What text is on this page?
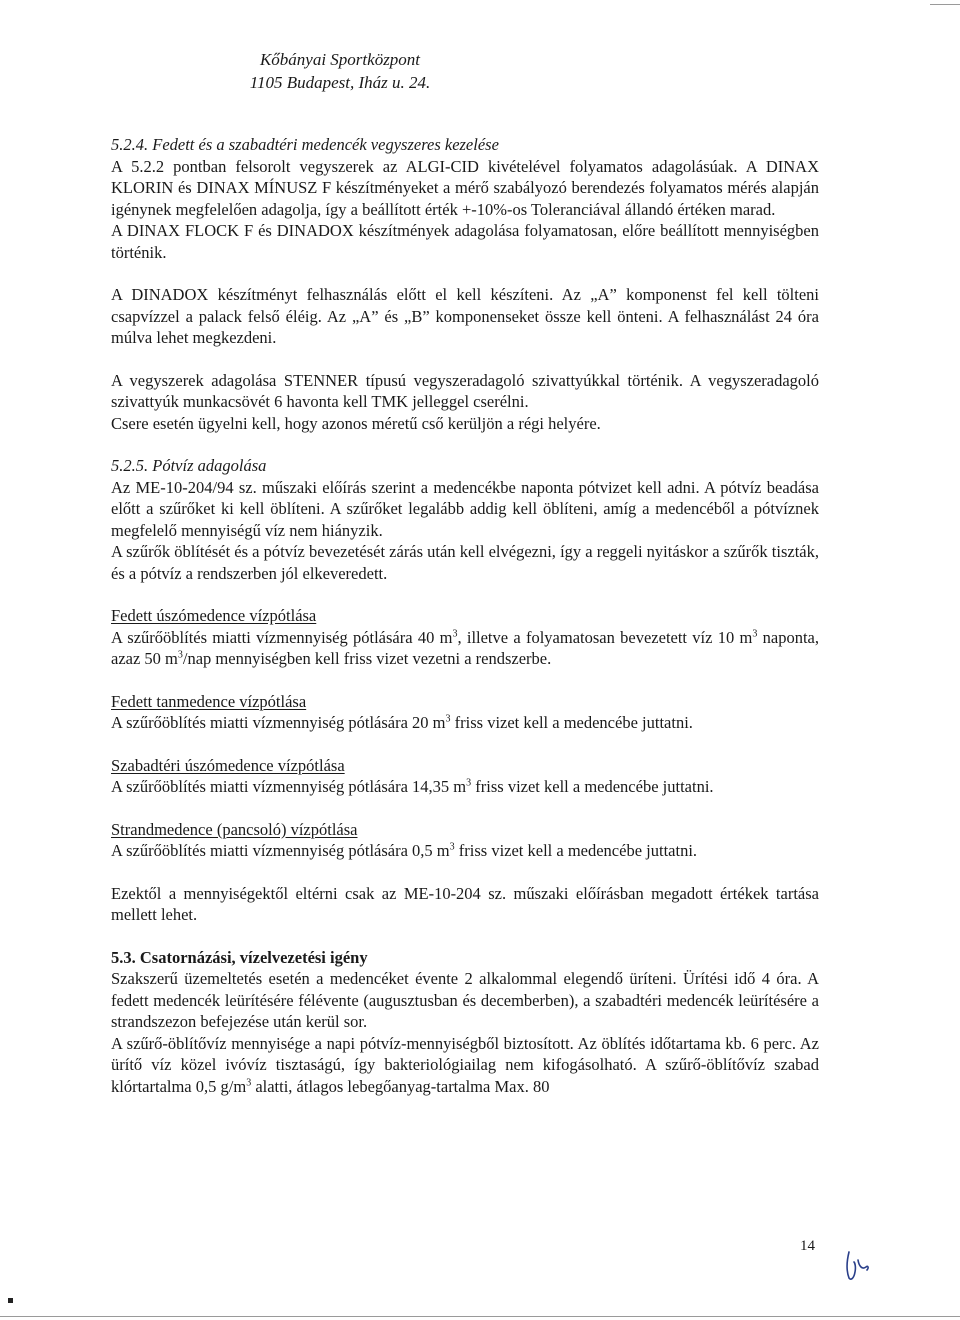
Kőbányai Sportközpont
1105 Budapest, Iház u. 24.

5.2.4. Fedett és a szabadtéri medencék vegyszeres kezelése

A 5.2.2 pontban felsorolt vegyszerek az ALGI-CID kivételével folyamatos adagolásúak. A DINAX KLORIN és DINAX MÍNUSZ F készítményeket a mérő szabályozó berendezés folyamatos mérés alapján igénynek megfelelően adagolja, így a beállított érték +-10%-os Toleranciával állandó értéken marad.

A DINAX FLOCK F és DINADOX készítmények adagolása folyamatosan, előre beállított mennyiségben történik.

A DINADOX készítményt felhasználás előtt el kell készíteni. Az „A” komponenst fel kell tölteni csapvízzel a palack felső éléig. Az „A” és „B” komponenseket össze kell önteni. A felhasználást 24 óra múlva lehet megkezdeni.

A vegyszerek adagolása STENNER típusú vegyszeradagoló szivattyúkkal történik. A vegyszeradagoló szivattyúk munkacsövét 6 havonta kell TMK jelleggel cserélni.

Csere esetén ügyelni kell, hogy azonos méretű cső kerüljön a régi helyére.

5.2.5. Pótvíz adagolása

Az ME-10-204/94 sz. műszaki előírás szerint a medencékbe naponta pótvizet kell adni. A pótvíz beadása előtt a szűrőket ki kell öblíteni. A szűrőket legalább addig kell öblíteni, amíg a medencéből a pótvíznek megfelelő mennyiségű víz nem hiányzik.

A szűrők öblítését és a pótvíz bevezetését zárás után kell elvégezni, így a reggeli nyitáskor a szűrők tiszták, és a pótvíz a rendszerben jól elkeveredett.

Fedett úszómedence vízpótlása

A szűrőöblítés miatti vízmennyiség pótlására 40 $m^3$, illetve a folyamatosan bevezetett víz 10 $m^3$ naponta, azaz 50 $m^3$/nap mennyiségben kell friss vizet vezetni a rendszerbe.

Fedett tanmedence vízpótlása

A szűrőöblítés miatti vízmennyiség pótlására 20 $m^3$ friss vizet kell a medencébe juttatni.

Szabadtéri úszómedence vízpótlása

A szűrőöblítés miatti vízmennyiség pótlására 14,35 $m^3$ friss vizet kell a medencébe juttatni.

Strandmedence (pancsoló) vízpótlása

A szűrőöblítés miatti vízmennyiség pótlására 0,5 $m^3$ friss vizet kell a medencébe juttatni.

Ezektől a mennyiségektől eltérni csak az ME-10-204 sz. műszaki előírásban megadott értékek tartása mellett lehet.

5.3. Csatornázási, vízelvezetési igény

Szakszerű üzemeltetés esetén a medencéket évente 2 alkalommal elegendő üríteni. Ürítési idő 4 óra. A fedett medencék leürítésére félévente (augusztusban és decemberben), a szabadtéri medencék leürítésére a strandszezon befejezése után kerül sor.

A szűrő-öblítővíz mennyisége a napi pótvíz-mennyiségből biztosított. Az öblítés időtartama kb. 6 perc. Az ürítő víz közel ivóvíz tisztaságú, így bakteriológiailag nem kifogásolható. A szűrő-öblítővíz szabad klórtartalma 0,5 $g/m^3$ alatti, átlagos lebegőanyag-tartalma Max. 80

14
